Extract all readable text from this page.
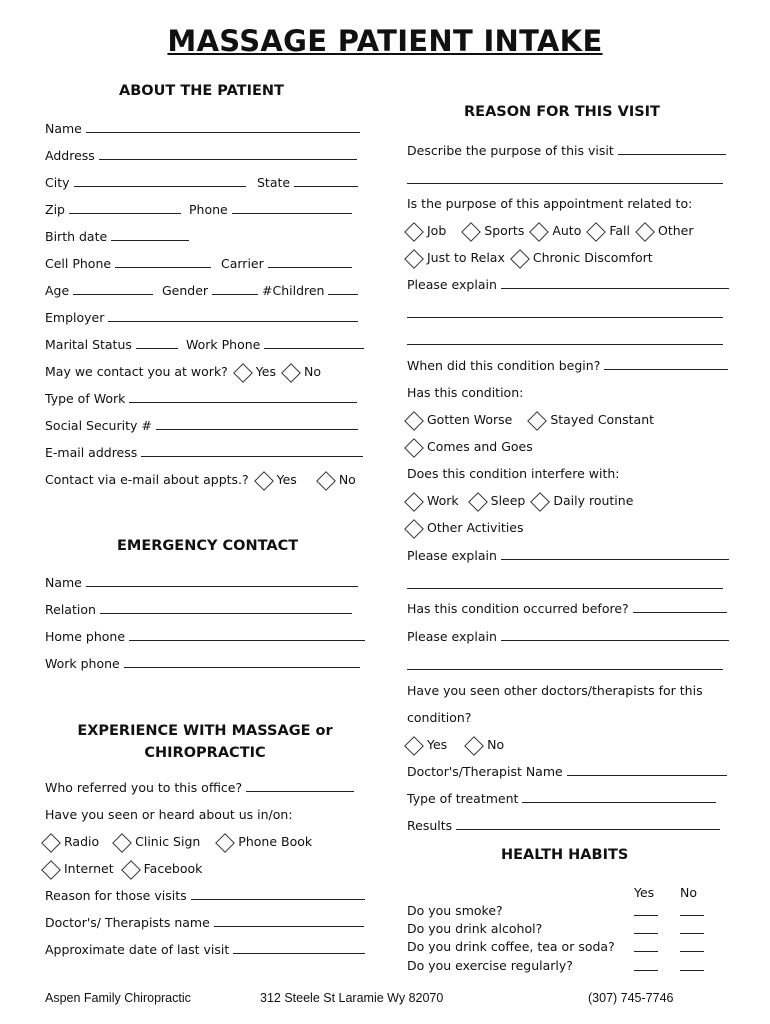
MASSAGE PATIENT INTAKE
ABOUT THE PATIENT
Name
Address
City	State
Zip	Phone
Birth date
Cell Phone	Carrier
Age	Gender	#Children
Employer
Marital Status	Work Phone
May we contact you at work? Yes No
Type of Work
Social Security #
E-mail address
Contact via e-mail about appts.? Yes	No
EMERGENCY CONTACT
Name
Relation
Home phone
Work phone
EXPERIENCE WITH MASSAGE or
CHIROPRACTIC
Who referred you to this office?
Have you seen or heard about us in/on:
Radio	Clinic Sign	Phone Book
Internet Facebook
Reason for those visits
Doctor's/ Therapists name
Approximate date of last visit
REASON FOR THIS VISIT
Describe the purpose of this visit
Is the purpose of this appointment related to:
Job	Sports Auto Fall Other
Just to Relax Chronic Discomfort
Please explain
When did this condition begin?
Has this condition:
Gotten Worse	Stayed Constant
Comes and Goes
Does this condition interfere with:
Work	Sleep Daily routine
Other Activities
Please explain
Has this condition occurred before?
Please explain
Have you seen other doctors/therapists for this
condition?
Yes	No
Doctor's/Therapist Name
Type of treatment
Results
HEALTH HABITS
Yes No
Do you smoke?
Do you drink alcohol?
Do you drink coffee, tea or soda?
Do you exercise regularly?
Aspen Family Chiropractic	312 Steele St Laramie Wy 82070	(307) 745-7746
